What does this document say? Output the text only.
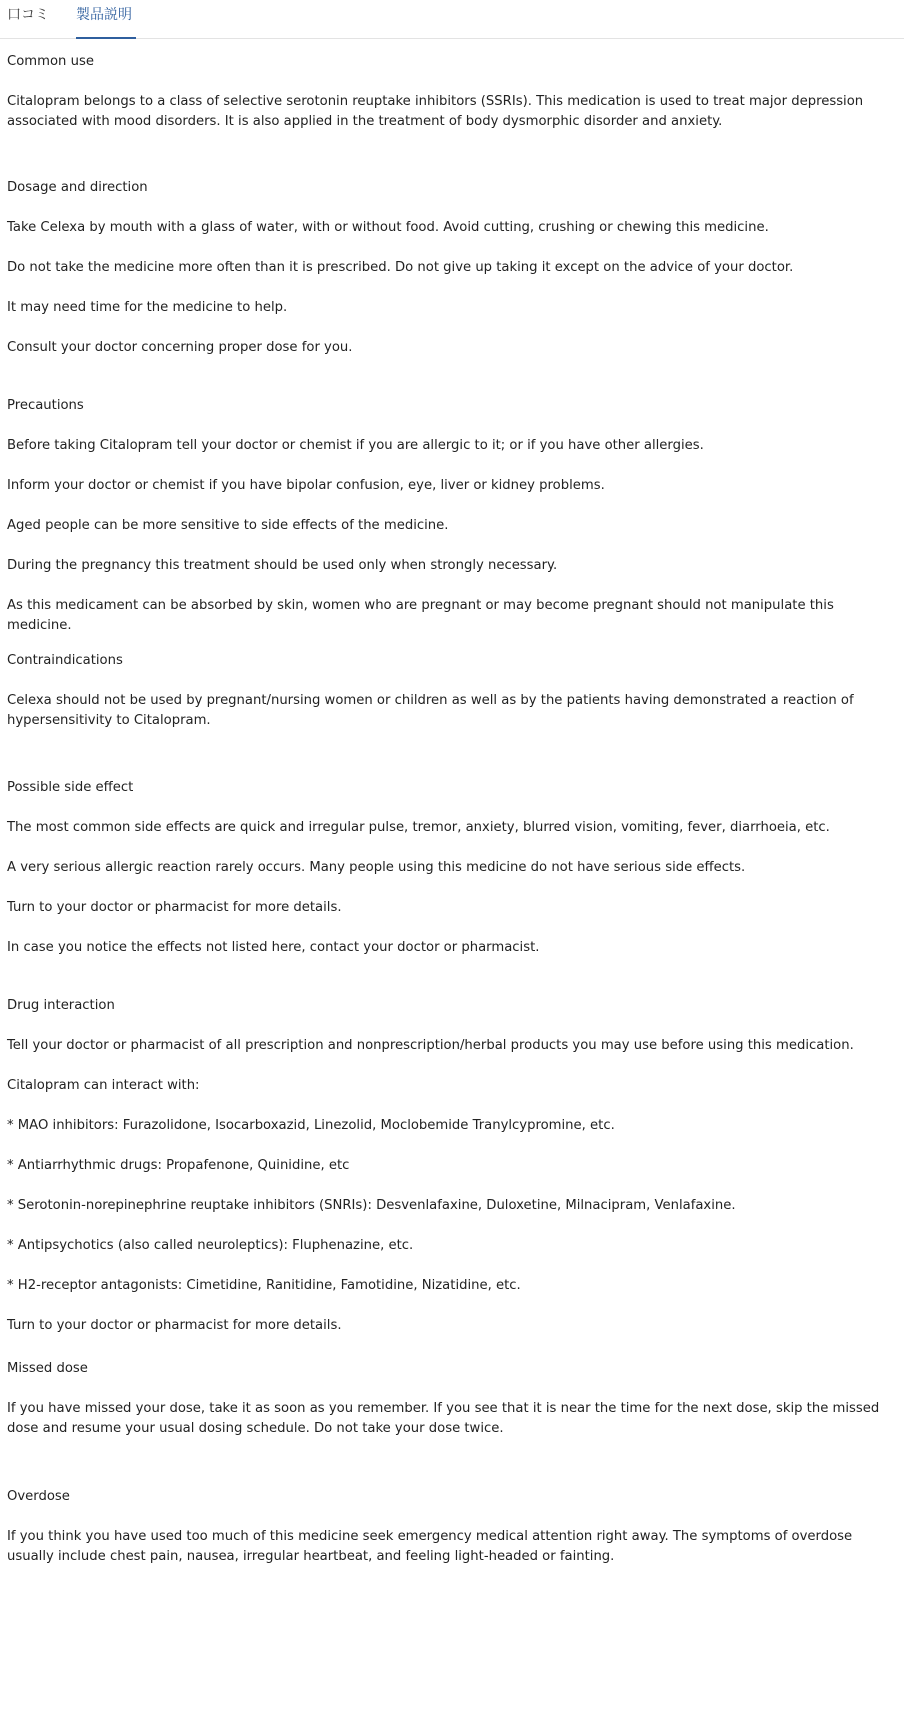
口コミ 製品説明

Common use

Citalopram belongs to a class of selective serotonin reuptake inhibitors (SSRIs). This medication is used to treat major depression associated with mood disorders. It is also applied in the treatment of body dysmorphic disorder and anxiety.

Dosage and direction

Take Celexa by mouth with a glass of water, with or without food. Avoid cutting, crushing or chewing this medicine.

Do not take the medicine more often than it is prescribed. Do not give up taking it except on the advice of your doctor.

It may need time for the medicine to help.

Consult your doctor concerning proper dose for you.

Precautions

Before taking Citalopram tell your doctor or chemist if you are allergic to it; or if you have other allergies.

Inform your doctor or chemist if you have bipolar confusion, eye, liver or kidney problems.

Aged people can be more sensitive to side effects of the medicine.

During the pregnancy this treatment should be used only when strongly necessary.

As this medicament can be absorbed by skin, women who are pregnant or may become pregnant should not manipulate this medicine.

Contraindications

Celexa should not be used by pregnant/nursing women or children as well as by the patients having demonstrated a reaction of hypersensitivity to Citalopram.

Possible side effect

The most common side effects are quick and irregular pulse, tremor, anxiety, blurred vision, vomiting, fever, diarrhoeia, etc.

A very serious allergic reaction rarely occurs. Many people using this medicine do not have serious side effects.

Turn to your doctor or pharmacist for more details.

In case you notice the effects not listed here, contact your doctor or pharmacist.

Drug interaction

Tell your doctor or pharmacist of all prescription and nonprescription/herbal products you may use before using this medication.

Citalopram can interact with:

* MAO inhibitors: Furazolidone, Isocarboxazid, Linezolid, Moclobemide Tranylcypromine, etc.

* Antiarrhythmic drugs: Propafenone, Quinidine, etc

* Serotonin-norepinephrine reuptake inhibitors (SNRIs): Desvenlafaxine, Duloxetine, Milnacipram, Venlafaxine.

* Antipsychotics (also called neuroleptics): Fluphenazine, etc.

* H2-receptor antagonists: Cimetidine, Ranitidine, Famotidine, Nizatidine, etc.

Turn to your doctor or pharmacist for more details.

Missed dose

If you have missed your dose, take it as soon as you remember. If you see that it is near the time for the next dose, skip the missed dose and resume your usual dosing schedule. Do not take your dose twice.

Overdose

If you think you have used too much of this medicine seek emergency medical attention right away. The symptoms of overdose usually include chest pain, nausea, irregular heartbeat, and feeling light-headed or fainting.
